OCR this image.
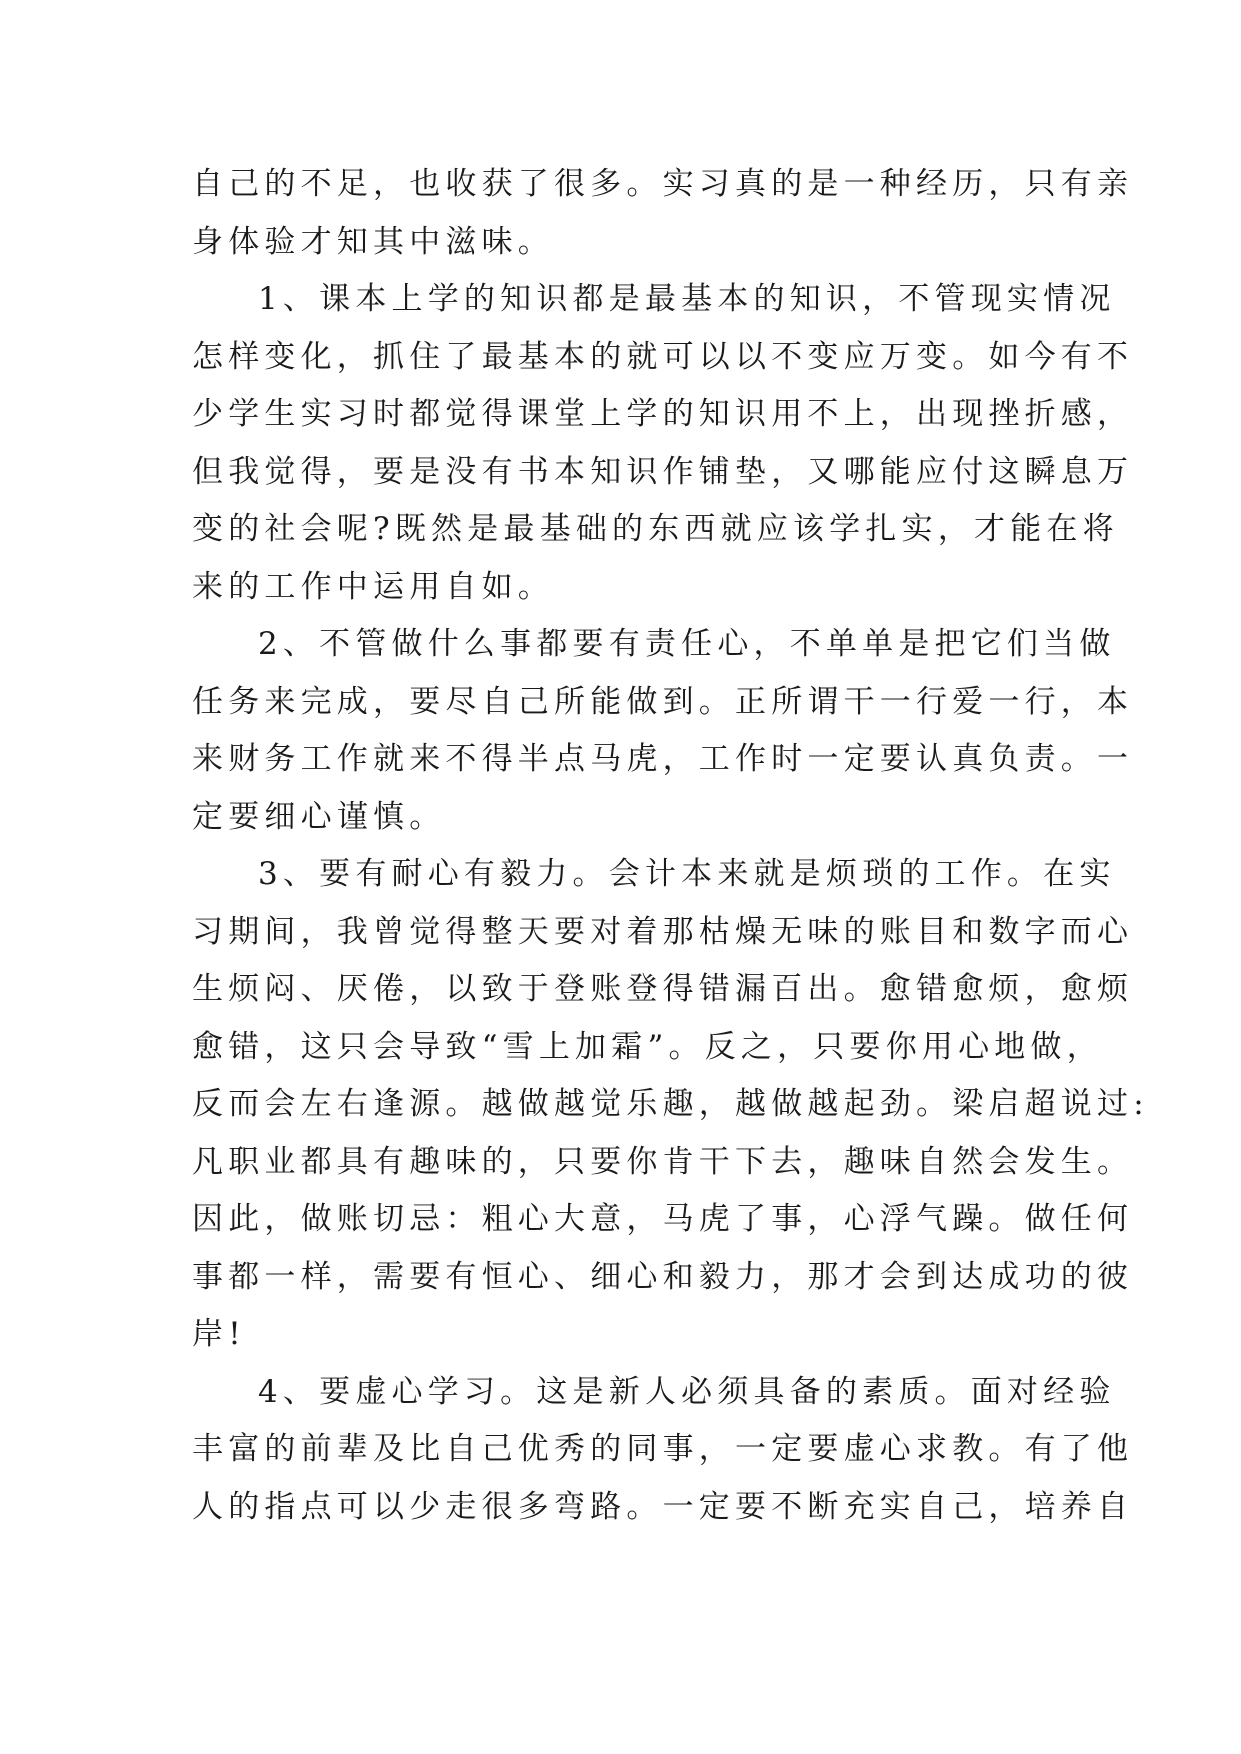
自己的不足，也收获了很多。实习真的是一种经历，只有亲
身体验才知其中滋味。
1、课本上学的知识都是最基本的知识，不管现实情况
怎样变化，抓住了最基本的就可以以不变应万变。如今有不
少学生实习时都觉得课堂上学的知识用不上，出现挫折感，
但我觉得，要是没有书本知识作铺垫，又哪能应付这瞬息万
变的社会呢?既然是最基础的东西就应该学扎实，才能在将
来的工作中运用自如。
2、不管做什么事都要有责任心，不单单是把它们当做
任务来完成，要尽自己所能做到。正所谓干一行爱一行，本
来财务工作就来不得半点马虎，工作时一定要认真负责。一
定要细心谨慎。
3、要有耐心有毅力。会计本来就是烦琐的工作。在实
习期间，我曾觉得整天要对着那枯燥无味的账目和数字而心
生烦闷、厌倦，以致于登账登得错漏百出。愈错愈烦，愈烦
愈错，这只会导致“雪上加霜”。反之，只要你用心地做，
反而会左右逢源。越做越觉乐趣，越做越起劲。梁启超说过:
凡职业都具有趣味的，只要你肯干下去，趣味自然会发生。
因此，做账切忌：粗心大意，马虎了事，心浮气躁。做任何
事都一样，需要有恒心、细心和毅力，那才会到达成功的彼
岸!
4、要虚心学习。这是新人必须具备的素质。面对经验
丰富的前辈及比自己优秀的同事，一定要虚心求教。有了他
人的指点可以少走很多弯路。一定要不断充实自己，培养自
